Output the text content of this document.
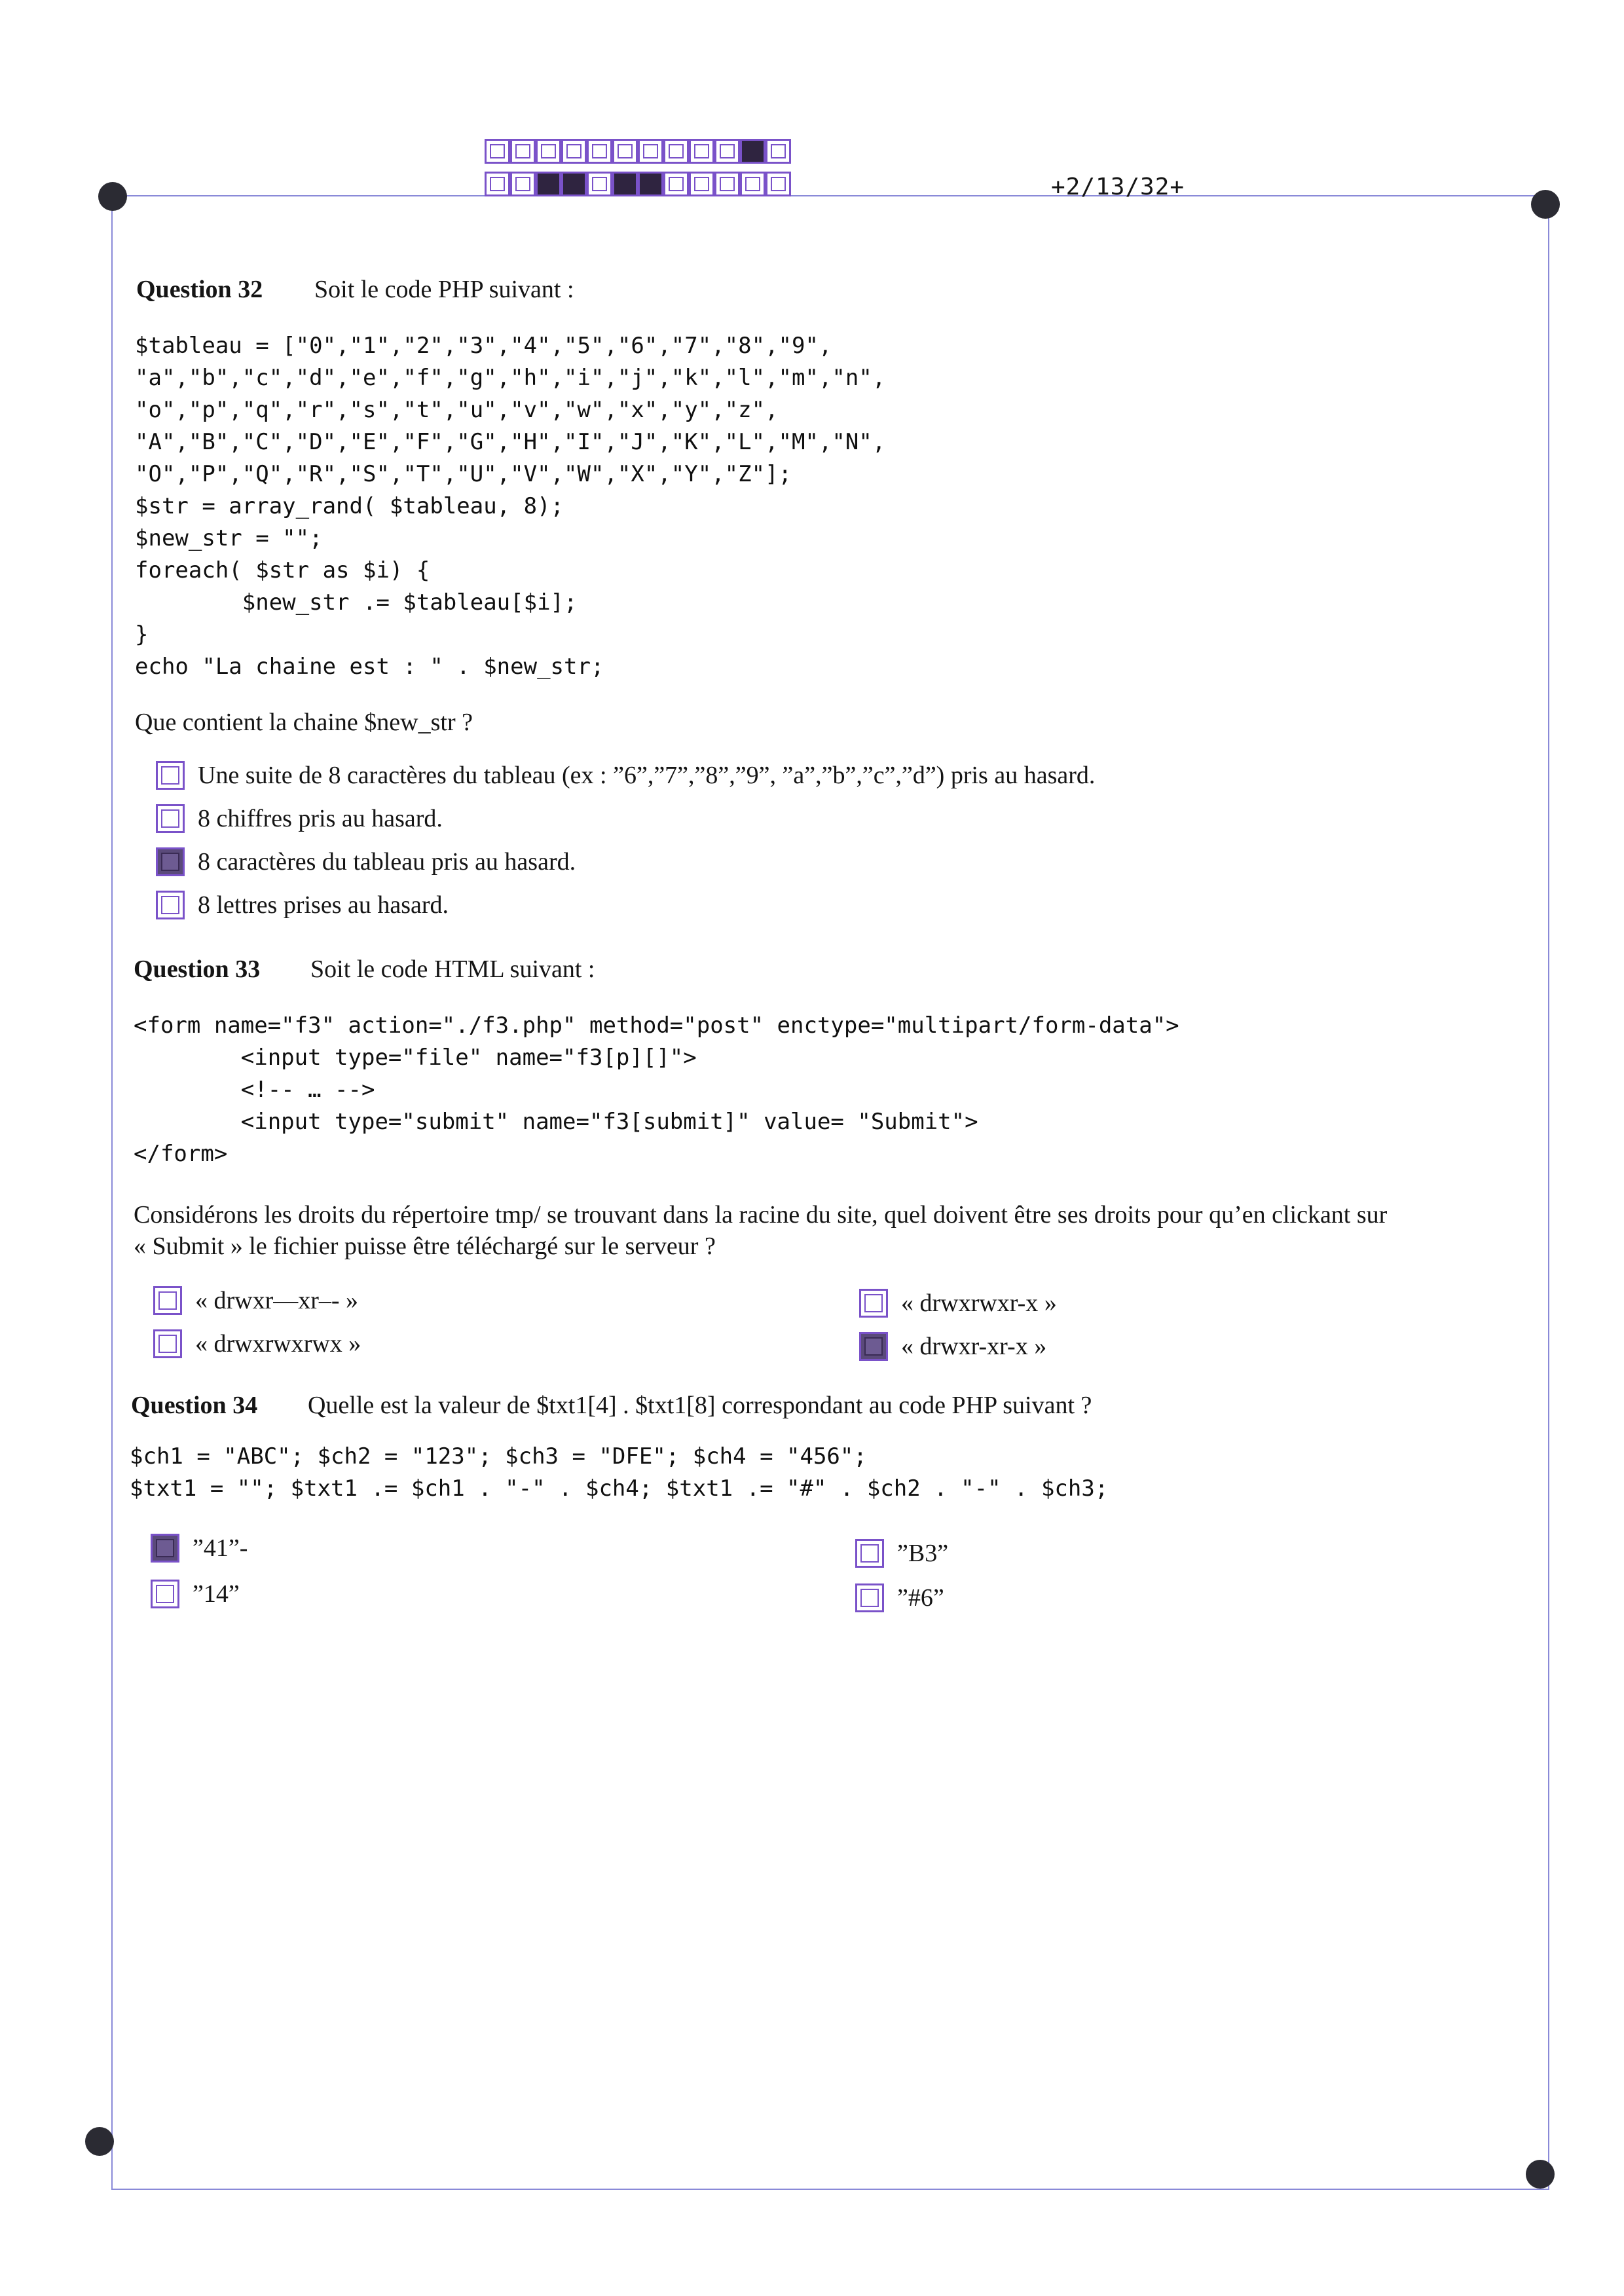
+2/13/32+
Question 32 Soit le code PHP suivant :
$tableau = ["0","1","2","3","4","5","6","7","8","9",
"a","b","c","d","e","f","g","h","i","j","k","l","m","n",
"o","p","q","r","s","t","u","v","w","x","y","z",
"A","B","C","D","E","F","G","H","I","J","K","L","M","N",
"O","P","Q","R","S","T","U","V","W","X","Y","Z"];
$str = array_rand( $tableau, 8);
$new_str = "";
foreach( $str as $i) {
$new_str .= $tableau[$i];
}
echo "La chaine est : " . $new_str;
Que contient la chaine $new_str ?
Une suite de 8 caractères du tableau (ex : ”6”,”7”,”8”,”9”, ”a”,”b”,”c”,”d”) pris au hasard.
8 chiffres pris au hasard.
8 caractères du tableau pris au hasard.
8 lettres prises au hasard.
Question 33 Soit le code HTML suivant :
<form name="f3" action="./f3.php" method="post" enctype="multipart/form-data">
<input type="file" name="f3[p][]">
<!-- … -->
<input type="submit" name="f3[submit]" value= "Submit">
</form>
Considérons les droits du répertoire tmp/ se trouvant dans la racine du site, quel doivent être ses droits pour qu’en clickant sur
« Submit » le fichier puisse être téléchargé sur le serveur ?
« drwxr—xr–- »
« drwxrwxrwx »
« drwxrwxr-x »
« drwxr-xr-x »
Question 34 Quelle est la valeur de $txt1[4] . $txt1[8] correspondant au code PHP suivant ?
$ch1 = "ABC"; $ch2 = "123"; $ch3 = "DFE"; $ch4 = "456";
$txt1 = ""; $txt1 .= $ch1 . "-" . $ch4; $txt1 .= "#" . $ch2 . "-" . $ch3;
”41”-
”14”
”B3”
”#6”
